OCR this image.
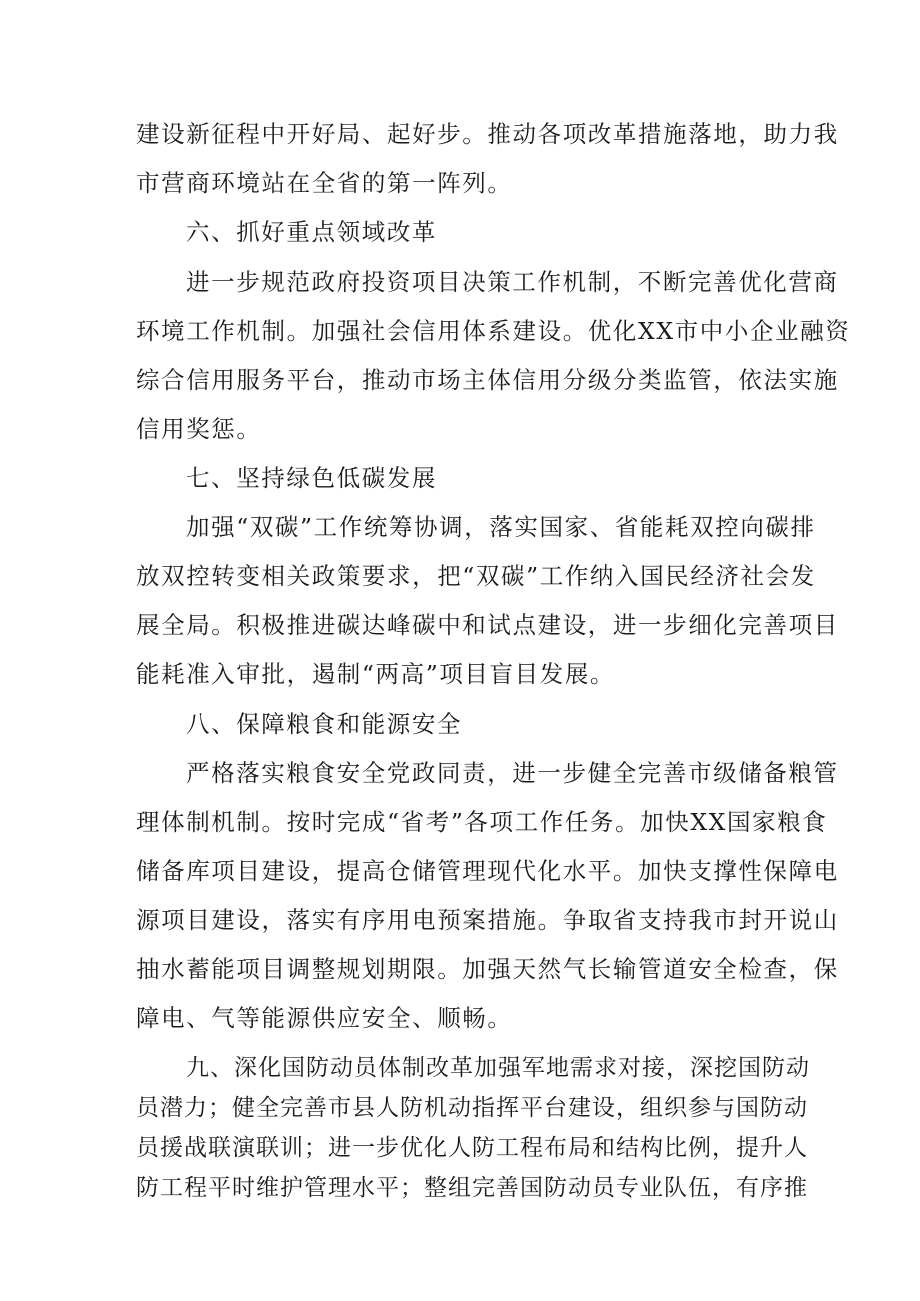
建设新征程中开好局、起好步。推动各项改革措施落地，助力我
市营商环境站在全省的第一阵列。
六、抓好重点领域改革
进一步规范政府投资项目决策工作机制，不断完善优化营商
环境工作机制。加强社会信用体系建设。优化XX市中小企业融资
综合信用服务平台，推动市场主体信用分级分类监管，依法实施
信用奖惩。
七、坚持绿色低碳发展
加强“双碳”工作统筹协调，落实国家、省能耗双控向碳排
放双控转变相关政策要求，把“双碳”工作纳入国民经济社会发
展全局。积极推进碳达峰碳中和试点建设，进一步细化完善项目
能耗准入审批，遏制“两高”项目盲目发展。
八、保障粮食和能源安全
严格落实粮食安全党政同责，进一步健全完善市级储备粮管
理体制机制。按时完成“省考”各项工作任务。加快XX国家粮食
储备库项目建设，提高仓储管理现代化水平。加快支撑性保障电
源项目建设，落实有序用电预案措施。争取省支持我市封开说山
抽水蓄能项目调整规划期限。加强天然气长输管道安全检查，保
障电、气等能源供应安全、顺畅。
九、深化国防动员体制改革加强军地需求对接，深挖国防动
员潜力；健全完善市县人防机动指挥平台建设，组织参与国防动
员援战联演联训；进一步优化人防工程布局和结构比例，提升人
防工程平时维护管理水平；整组完善国防动员专业队伍，有序推
